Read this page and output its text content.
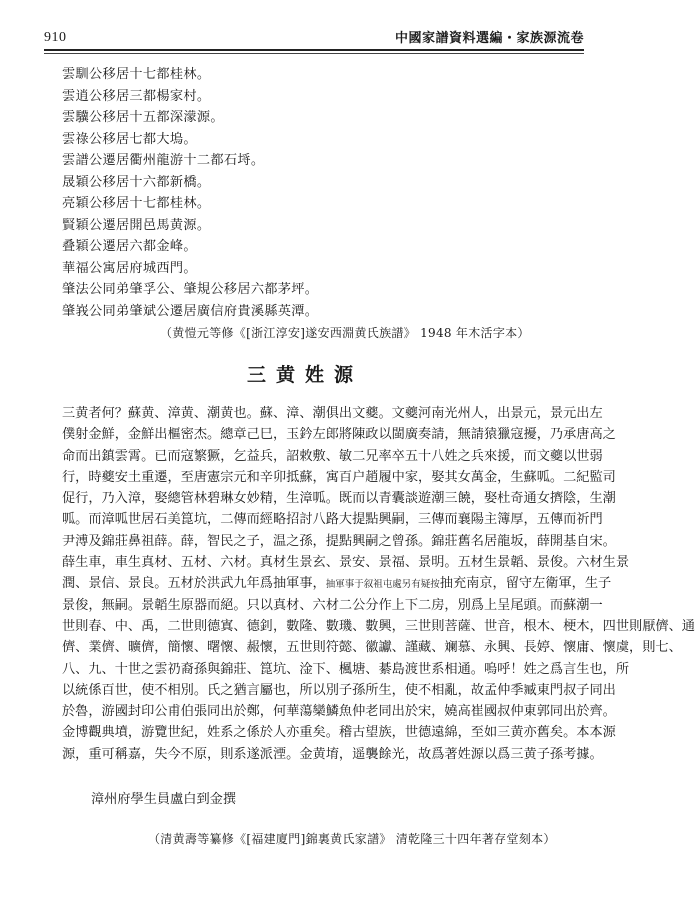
910	中國家譜資料選編・家族源流卷
雲馴公移居十七都桂林。
雲逍公移居三都楊家村。
雲驥公移居十五都深濛源。
雲祿公移居七都大塢。
雲譜公遷居衢州龍游十二都石埓。
晟穎公移居十六都新橋。
亮穎公移居十七都桂林。
賢穎公遷居開邑馬黄源。
叠穎公遷居六都金峰。
華福公寓居府城西門。
肇法公同弟肇孚公、肇規公移居六都茅坪。
肇峩公同弟肇斌公遷居廣信府貴溪縣英潭。
（黄愷元等修《[浙江淳安]遂安西淵黄氏族譜》 1948 年木活字本）
三黄姓源
三黄者何？蘇黄、漳黄、潮黄也。蘇、漳、潮俱出文夔。文夔河南光州人，出景元，景元出左
僕射金鮮，金鮮出樞密杰。總章己巳，玉鈐左郎將陳政以閩廣奏請，無請猿獵寇擾，乃承唐高之
命而出鎮雲霄。已而寇繁獗，乞益兵，詔敕敷、敏二兄率卒五十八姓之兵來援，而文夔以世弱
行，時夔安土重遷，至唐憲宗元和辛卯抵蘇，寓百户趙履中家，娶其女萬金，生蘇呱。二紀監司
促行，乃入漳，娶總管林碧琳女妙精，生漳呱。既而以青囊談遊潮三饒，娶杜奇通女擠陰，生潮
呱。而漳呱世居石美箟坑，二傳而經略招討八路大提點興嗣，三傳而襄陽主簿厚，五傳而祈門
尹溥及錦莊鼻祖薛。薛，智民之子，温之孫，提點興嗣之曾孫。錦莊舊名居龍坂，薛開基自宋。
薛生車，車生真材、五材、六材。真材生景玄、景安、景福、景明。五材生景韜、景俊。六材生景
潤、景信、景良。五材於洪武九年爲抽軍事，抽軍事于叙祖屯處另有疑按抽充南京，留守左衛軍，生子
景俊，無嗣。景韜生原器而絕。只以真材、六材二公分作上下二房，別爲上呈尾頭。而蘇潮一
世則春、中、禹，二世則德寘、德釗，數隆、數璣、數興，三世則菩薩、世音，根木、梗木，四世則厭儕、通
儕、業儕、曠儕，簡懷、曙懷、赧懷，五世則符懿、徽讞、謹藏、斓慕、永興、長婷、懷庸、懷虞，則七、
八、九、十世之雲礽裔孫與錦莊、箟坑、淦下、楓塘、綦島渡世系相通。嗚呼！姓之爲言生也，所
以統係百世，使不相別。氏之猶言屬也，所以別子孫所生，使不相亂，故孟仲季臧東門叔子同出
於魯，游國封印公甫伯張同出於鄭，何華蕩欒鱗魚仲老同出於宋，嬈高崔國叔仲東郭同出於齊。
金博觀典墳，游覽世紀，姓系之係於人亦重矣。稽古望族，世德遠綿，至如三黄亦舊矣。本本源
源，重可稱嘉，失今不原，則系遂派湮。金黄堉，遥襲餘光，故爲著姓源以爲三黄子孫考據。
漳州府學生員盧白到金撰
（清黄壽等纂修《[福建廈門]錦裏黄氏家譜》 清乾隆三十四年著存堂刻本）
